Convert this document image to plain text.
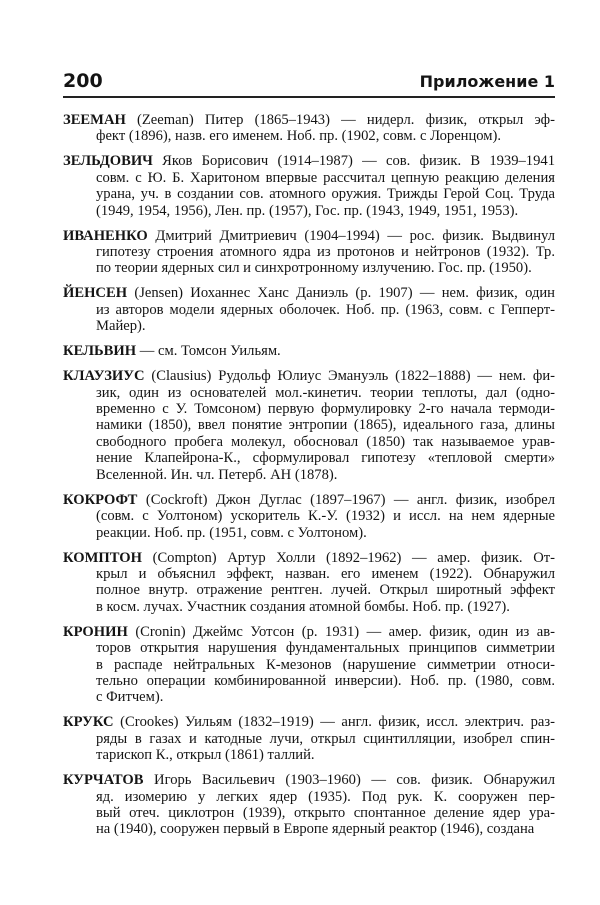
200	Приложение 1
ЗЕЕМАН (Zeeman) Питер (1865–1943) — нидерл. физик, открыл эф-
фект (1896), назв. его именем. Ноб. пр. (1902, совм. с Лоренцом).
ЗЕЛЬДОВИЧ Яков Борисович (1914–1987) — сов. физик. В 1939–1941
совм. с Ю. Б. Харитоном впервые рассчитал цепную реакцию деления
урана, уч. в создании сов. атомного оружия. Трижды Герой Соц. Труда
(1949, 1954, 1956), Лен. пр. (1957), Гос. пр. (1943, 1949, 1951, 1953).
ИВАНЕНКО Дмитрий Дмитриевич (1904–1994) — рос. физик. Выдвинул
гипотезу строения атомного ядра из протонов и нейтронов (1932). Тр.
по теории ядерных сил и синхротронному излучению. Гос. пр. (1950).
ЙЕНСЕН (Jensen) Иоханнес Ханс Даниэль (р. 1907) — нем. физик, один
из авторов модели ядерных оболочек. Ноб. пр. (1963, совм. с Гепперт-
Майер).
КЕЛЬВИН — см. Томсон Уильям.
КЛАУЗИУС (Clausius) Рудольф Юлиус Эмануэль (1822–1888) — нем. фи-
зик, один из основателей мол.-кинетич. теории теплоты, дал (одно-
временно с У. Томсоном) первую формулировку 2-го начала термоди-
намики (1850), ввел понятие энтропии (1865), идеального газа, длины
свободного пробега молекул, обосновал (1850) так называемое урав-
нение Клапейрона-К., сформулировал гипотезу «тепловой смерти»
Вселенной. Ин. чл. Петерб. АН (1878).
КОКРОФТ (Cockroft) Джон Дуглас (1897–1967) — англ. физик, изобрел
(совм. с Уолтоном) ускоритель К.-У. (1932) и иссл. на нем ядерные
реакции. Ноб. пр. (1951, совм. с Уолтоном).
КОМПТОН (Compton) Артур Холли (1892–1962) — амер. физик. От-
крыл и объяснил эффект, назван. его именем (1922). Обнаружил
полное внутр. отражение рентген. лучей. Открыл широтный эффект
в косм. лучах. Участник создания атомной бомбы. Ноб. пр. (1927).
КРОНИН (Cronin) Джеймс Уотсон (р. 1931) — амер. физик, один из ав-
торов открытия нарушения фундаментальных принципов симметрии
в распаде нейтральных К-мезонов (нарушение симметрии относи-
тельно операции комбинированной инверсии). Ноб. пр. (1980, совм.
с Фитчем).
КРУКС (Crookes) Уильям (1832–1919) — англ. физик, иссл. электрич. раз-
ряды в газах и катодные лучи, открыл сцинтилляции, изобрел спин-
тарископ К., открыл (1861) таллий.
КУРЧАТОВ Игорь Васильевич (1903–1960) — сов. физик. Обнаружил
яд. изомерию у легких ядер (1935). Под рук. К. сооружен пер-
вый отеч. циклотрон (1939), открыто спонтанное деление ядер ура-
на (1940), сооружен первый в Европе ядерный реактор (1946), создана
